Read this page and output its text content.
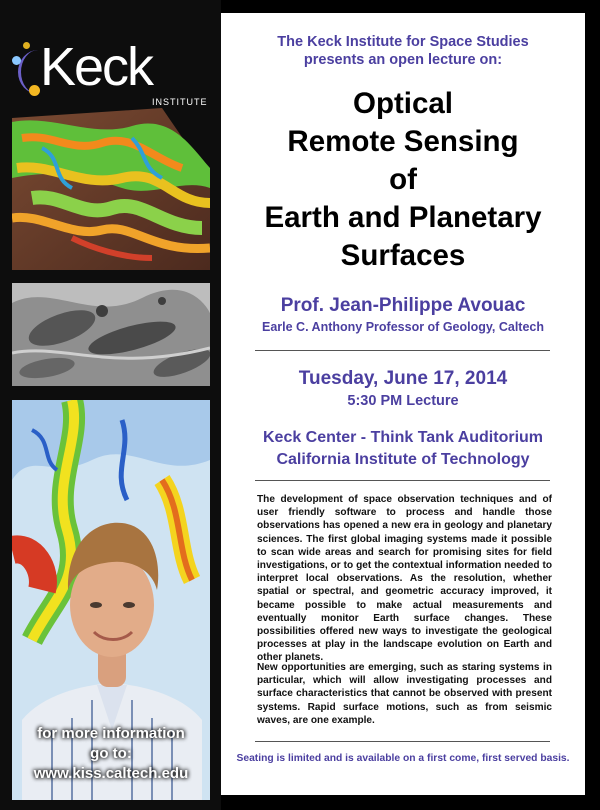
Keck
INSTITUTE
for more information
go to:
www.kiss.caltech.edu
The Keck Institute for Space Studies
presents an open lecture on:
Optical
Remote Sensing
of
Earth and Planetary
Surfaces
Prof. Jean-Philippe Avouac
Earle C. Anthony Professor of Geology, Caltech
Tuesday, June 17, 2014
5:30 PM Lecture
Keck Center - Think Tank Auditorium
California Institute of Technology

The development of space observation techniques and of user friendly software to process and handle those observations has opened a new era in geology and planetary sciences. The first global imaging systems made it possible to scan wide areas and search for promising sites for field investigations, or to get the contextual information needed to interpret local observations. As the resolution, whether spatial or spectral, and geometric accuracy improved, it became possible to make actual measurements and eventually monitor Earth surface changes. These possibilities offered new ways to investigate the geological processes at play in the landscape evolution on Earth and other planets.

New opportunities are emerging, such as staring systems in particular, which will allow investigating processes and surface characteristics that cannot be observed with present systems. Rapid surface motions, such as from seismic waves, are one example.

Seating is limited and is available on a first come, first served basis.
